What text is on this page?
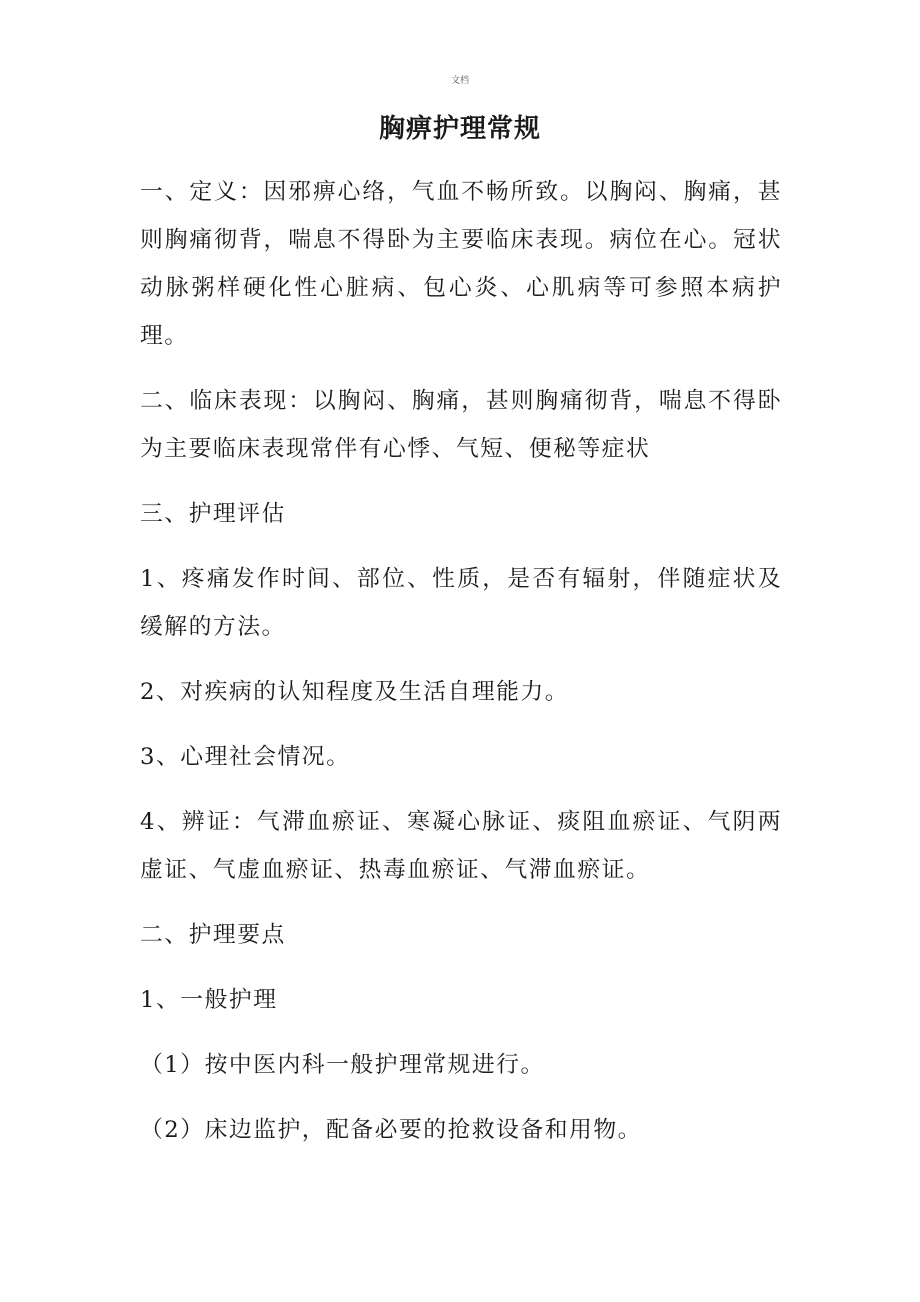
文档
胸痹护理常规

一、定义：因邪痹心络，气血不畅所致。以胸闷、胸痛，甚则胸痛彻背，喘息不得卧为主要临床表现。病位在心。冠状动脉粥样硬化性心脏病、包心炎、心肌病等可参照本病护理。

二、临床表现：以胸闷、胸痛，甚则胸痛彻背，喘息不得卧为主要临床表现常伴有心悸、气短、便秘等症状

三、护理评估

1、疼痛发作时间、部位、性质，是否有辐射，伴随症状及缓解的方法。

2、对疾病的认知程度及生活自理能力。

3、心理社会情况。

4、辨证：气滞血瘀证、寒凝心脉证、痰阻血瘀证、气阴两虚证、气虚血瘀证、热毒血瘀证、气滞血瘀证。

二、护理要点

1、一般护理

（1）按中医内科一般护理常规进行。

（2）床边监护，配备必要的抢救设备和用物。
